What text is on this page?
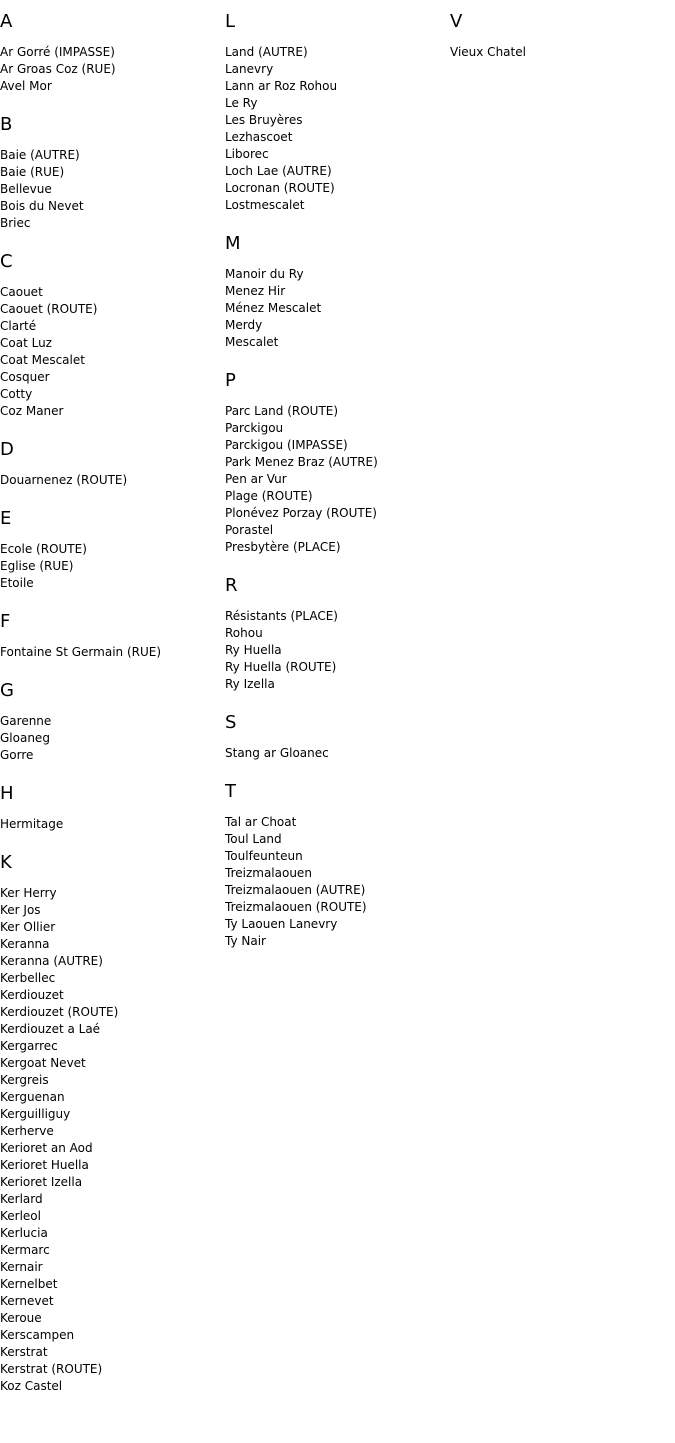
A
Ar Gorré (IMPASSE)
Ar Groas Coz (RUE)
Avel Mor
B
Baie (AUTRE)
Baie (RUE)
Bellevue
Bois du Nevet
Briec
C
Caouet
Caouet (ROUTE)
Clarté
Coat Luz
Coat Mescalet
Cosquer
Cotty
Coz Maner
D
Douarnenez (ROUTE)
E
Ecole (ROUTE)
Eglise (RUE)
Etoile
F
Fontaine St Germain (RUE)
G
Garenne
Gloaneg
Gorre
H
Hermitage
K
Ker Herry
Ker Jos
Ker Ollier
Keranna
Keranna (AUTRE)
Kerbellec
Kerdiouzet
Kerdiouzet (ROUTE)
Kerdiouzet a Laé
Kergarrec
Kergoat Nevet
Kergreis
Kerguenan
Kerguilliguy
Kerherve
Kerioret an Aod
Kerioret Huella
Kerioret Izella
Kerlard
Kerleol
Kerlucia
Kermarc
Kernair
Kernelbet
Kernevet
Keroue
Kerscampen
Kerstrat
Kerstrat (ROUTE)
Koz Castel
L
Land (AUTRE)
Lanevry
Lann ar Roz Rohou
Le Ry
Les Bruyères
Lezhascoet
Liborec
Loch Lae (AUTRE)
Locronan (ROUTE)
Lostmescalet
M
Manoir du Ry
Menez Hir
Ménez Mescalet
Merdy
Mescalet
P
Parc Land (ROUTE)
Parckigou
Parckigou (IMPASSE)
Park Menez Braz (AUTRE)
Pen ar Vur
Plage (ROUTE)
Plonévez Porzay (ROUTE)
Porastel
Presbytère (PLACE)
R
Résistants (PLACE)
Rohou
Ry Huella
Ry Huella (ROUTE)
Ry Izella
S
Stang ar Gloanec
T
Tal ar Choat
Toul Land
Toulfeunteun
Treizmalaouen
Treizmalaouen (AUTRE)
Treizmalaouen (ROUTE)
Ty Laouen Lanevry
Ty Nair
V
Vieux Chatel
